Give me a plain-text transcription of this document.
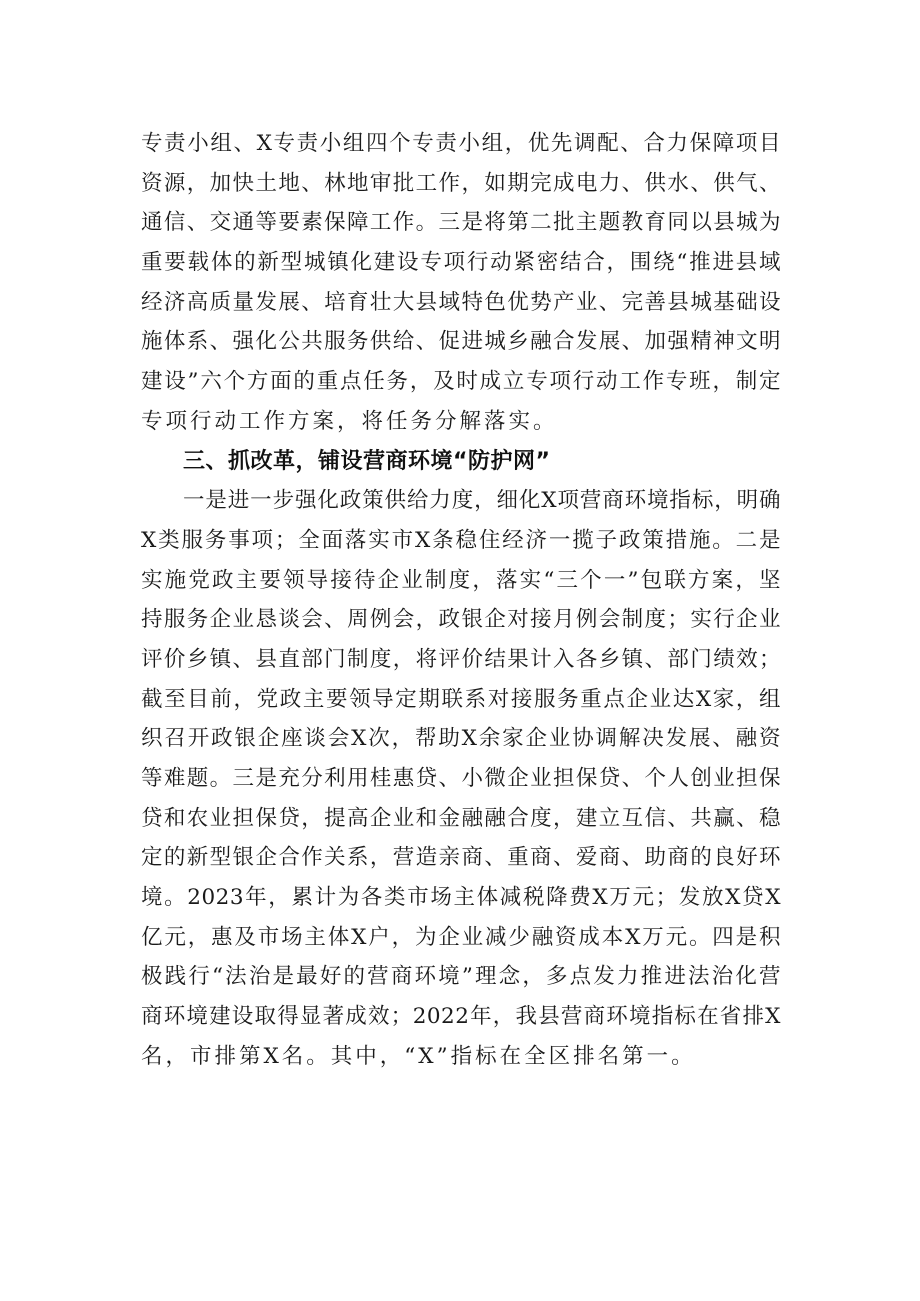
专责小组、X专责小组四个专责小组，优先调配、合力保障项目
资源，加快土地、林地审批工作，如期完成电力、供水、供气、
通信、交通等要素保障工作。三是将第二批主题教育同以县城为
重要载体的新型城镇化建设专项行动紧密结合，围绕“推进县域
经济高质量发展、培育壮大县域特色优势产业、完善县城基础设
施体系、强化公共服务供给、促进城乡融合发展、加强精神文明
建设”六个方面的重点任务，及时成立专项行动工作专班，制定
专项行动工作方案，将任务分解落实。
三、抓改革，铺设营商环境“防护网”
一是进一步强化政策供给力度，细化X项营商环境指标，明确
X类服务事项；全面落实市X条稳住经济一揽子政策措施。二是
实施党政主要领导接待企业制度，落实“三个一”包联方案，坚
持服务企业恳谈会、周例会，政银企对接月例会制度；实行企业
评价乡镇、县直部门制度，将评价结果计入各乡镇、部门绩效；
截至目前，党政主要领导定期联系对接服务重点企业达X家，组
织召开政银企座谈会X次，帮助X余家企业协调解决发展、融资
等难题。三是充分利用桂惠贷、小微企业担保贷、个人创业担保
贷和农业担保贷，提高企业和金融融合度，建立互信、共赢、稳
定的新型银企合作关系，营造亲商、重商、爱商、助商的良好环
境。2023年，累计为各类市场主体减税降费X万元；发放X贷X
亿元，惠及市场主体X户，为企业减少融资成本X万元。四是积
极践行“法治是最好的营商环境”理念，多点发力推进法治化营
商环境建设取得显著成效；2022年，我县营商环境指标在省排X
名，市排第X名。其中，“X”指标在全区排名第一。
